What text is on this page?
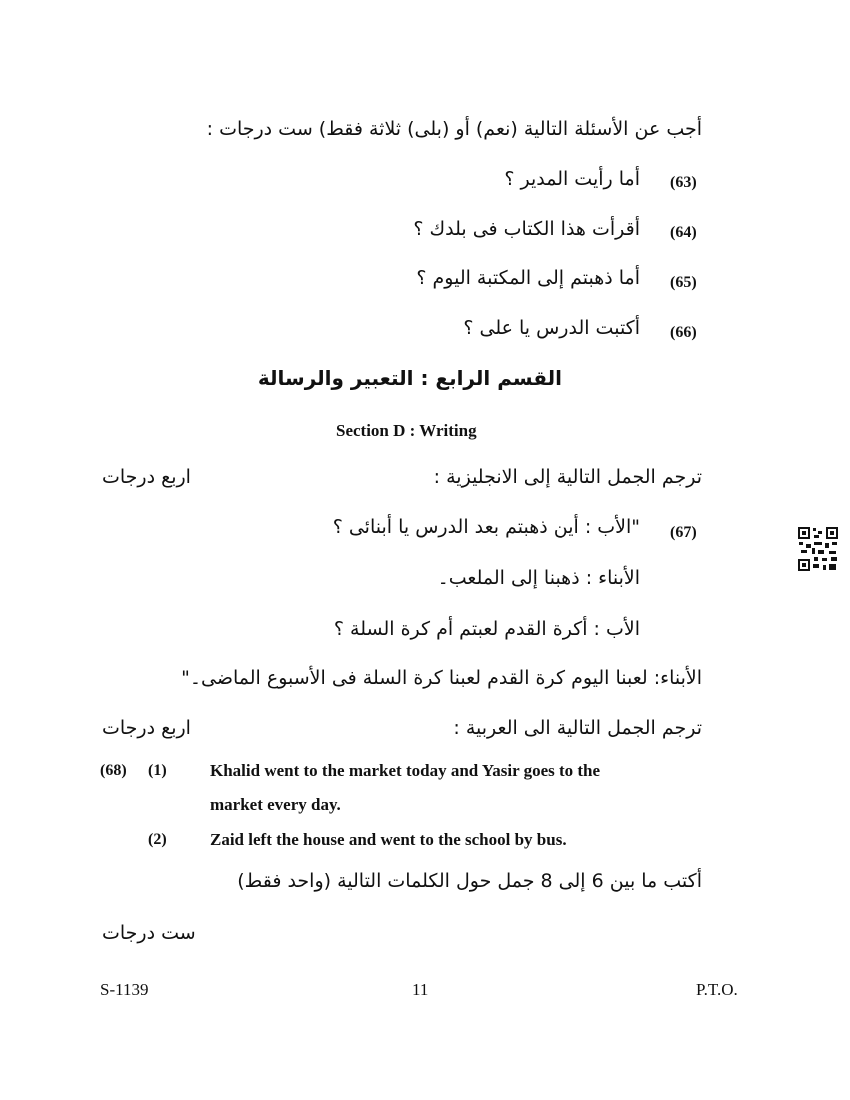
أجب عن الأسئلة التالية (نعم) أو (بلى) ثلاثة فقط) ست درجات :
(63)
أما رأيت المدير ؟
(64)
أقرأت هذا الكتاب فى بلدك ؟
(65)
أما ذهبتم إلى المكتبة اليوم ؟
(66)
أكتبت الدرس يا على ؟
القسم الرابع : التعبير والرسالة
Section D : Writing
ترجم الجمل التالية إلى الانجليزية :
اربع درجات
(67)
"الأب : أين ذهبتم بعد الدرس يا أبنائى ؟
الأبناء : ذهبنا إلى الملعب۔
الأب : أكرة القدم لعبتم أم كرة السلة ؟
الأبناء: لعبنا اليوم كرة القدم لعبنا كرة السلة فى الأسبوع الماضى۔"
ترجم الجمل التالية الى العربية :
اربع درجات
(68) (1)	Khalid went to the market today and Yasir goes to the
market every day.
(2)	Zaid left the house and went to the school by bus.
أكتب ما بين 6 إلى 8 جمل حول الكلمات التالية (واحد فقط)
ست درجات
S-1139	11	P.T.O.
